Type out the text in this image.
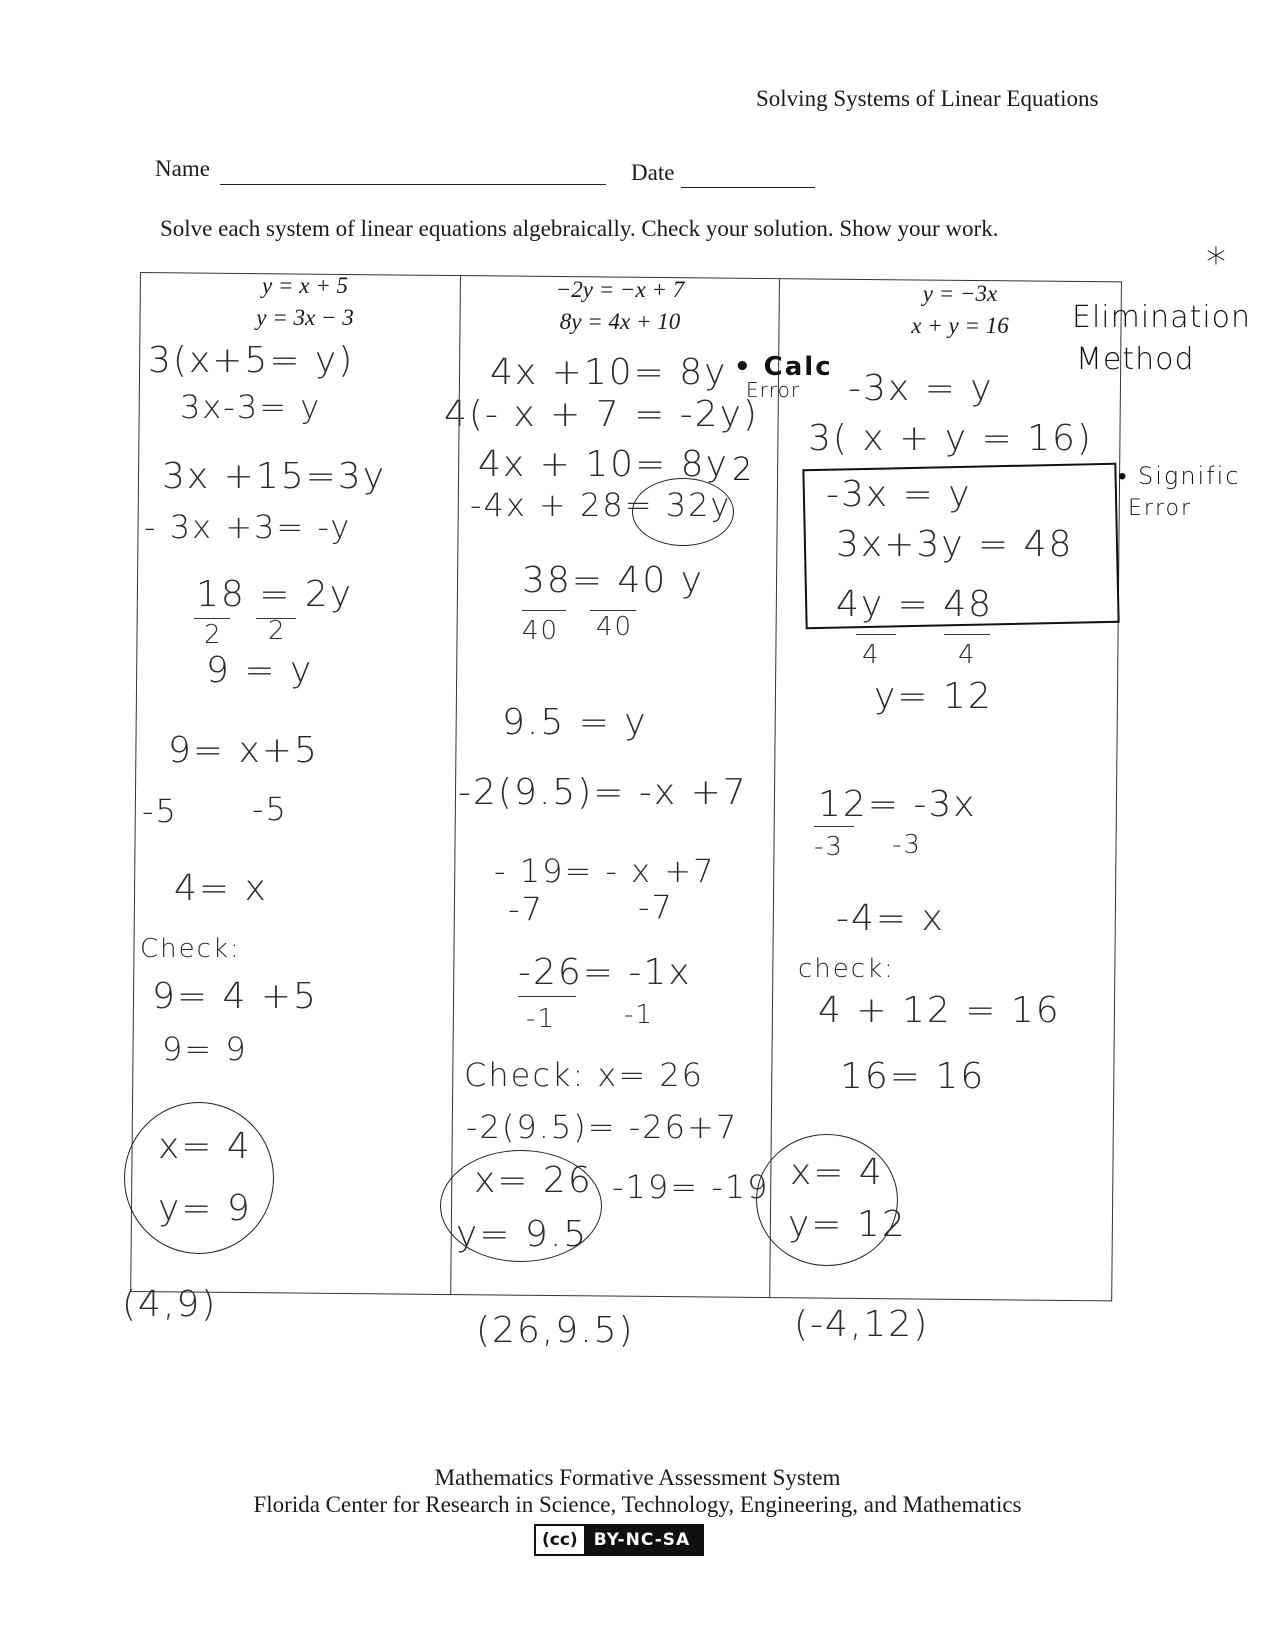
Solving Systems of Linear Equations
Name	Date
Solve each system of linear equations algebraically. Check your solution. Show your work.
y = x + 5
y = 3x − 3
−2y = −x + 7
8y = 4x + 10
y = −3x
x + y = 16
3(x+5= y)
3x-3= y
3x +15=3y
- 3x +3= -y
18 = 2y
2 2
9 = y
9= x+5
-5 -5
4= x
Check:
9= 4 +5
9= 9
x= 4
y= 9
(4,9)
4x +10= 8y
4(- x + 7 = -2y)
4x + 10= 8y
-4x + 28= 32y
2
38= 40 y
40 40
9.5 = y
-2(9.5)= -x +7
- 19= - x +7
-7	-7
-26= -1x
-1	-1
Check: x= 26
-2(9.5)= -26+7
-19= -19
x= 26
y= 9.5
(26,9.5)
-3x = y
3( x + y = 16)
-3x = y
3x+3y = 48
4y = 48
4	4
y= 12
12= -3x
-3 -3
-4= x
check:
4 + 12 = 16
16= 16
x= 4
y= 12
(-4,12)
*
Elimination
Method
• Calc
Error
• Signific
Error
Mathematics Formative Assessment System
Florida Center for Research in Science, Technology, Engineering, and Mathematics
(cc) BY-NC-SA
